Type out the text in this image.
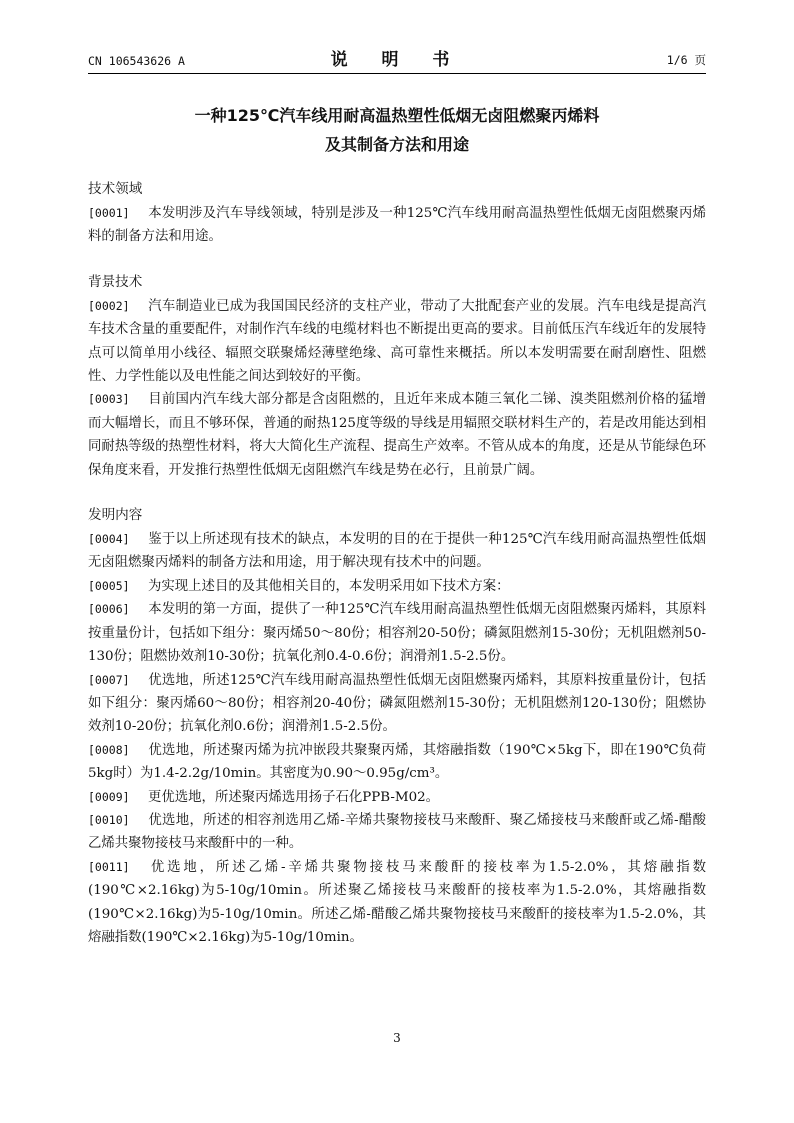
CN 106543626 A	说 明 书	1/6 页
一种125℃汽车线用耐高温热塑性低烟无卤阻燃聚丙烯料
及其制备方法和用途
技术领域
[0001] 本发明涉及汽车导线领域，特别是涉及一种125℃汽车线用耐高温热塑性低烟无卤阻燃聚丙烯料的制备方法和用途。
背景技术
[0002] 汽车制造业已成为我国国民经济的支柱产业，带动了大批配套产业的发展。汽车电线是提高汽车技术含量的重要配件，对制作汽车线的电缆材料也不断提出更高的要求。目前低压汽车线近年的发展特点可以简单用小线径、辐照交联聚烯烃薄壁绝缘、高可靠性来概括。所以本发明需要在耐刮磨性、阻燃性、力学性能以及电性能之间达到较好的平衡。
[0003] 目前国内汽车线大部分都是含卤阻燃的，且近年来成本随三氧化二锑、溴类阻燃剂价格的猛增而大幅增长，而且不够环保，普通的耐热125度等级的导线是用辐照交联材料生产的，若是改用能达到相同耐热等级的热塑性材料，将大大简化生产流程、提高生产效率。不管从成本的角度，还是从节能绿色环保角度来看，开发推行热塑性低烟无卤阻燃汽车线是势在必行，且前景广阔。
发明内容
[0004] 鉴于以上所述现有技术的缺点，本发明的目的在于提供一种125℃汽车线用耐高温热塑性低烟无卤阻燃聚丙烯料的制备方法和用途，用于解决现有技术中的问题。
[0005] 为实现上述目的及其他相关目的，本发明采用如下技术方案：
[0006] 本发明的第一方面，提供了一种125℃汽车线用耐高温热塑性低烟无卤阻燃聚丙烯料，其原料按重量份计，包括如下组分：聚丙烯50～80份；相容剂20-50份；磷氮阻燃剂15-30份；无机阻燃剂50-130份；阻燃协效剂10-30份；抗氧化剂0.4-0.6份；润滑剂1.5-2.5份。
[0007] 优选地，所述125℃汽车线用耐高温热塑性低烟无卤阻燃聚丙烯料，其原料按重量份计，包括如下组分：聚丙烯60～80份；相容剂20-40份；磷氮阻燃剂15-30份；无机阻燃剂120-130份；阻燃协效剂10-20份；抗氧化剂0.6份；润滑剂1.5-2.5份。
[0008] 优选地，所述聚丙烯为抗冲嵌段共聚聚丙烯，其熔融指数（190℃×5kg下，即在190℃负荷5kg时）为1.4-2.2g/10min。其密度为0.90～0.95g/cm³。
[0009] 更优选地，所述聚丙烯选用扬子石化PPB-M02。
[0010] 优选地，所述的相容剂选用乙烯-辛烯共聚物接枝马来酸酐、聚乙烯接枝马来酸酐或乙烯-醋酸乙烯共聚物接枝马来酸酐中的一种。
[0011] 优选地，所述乙烯-辛烯共聚物接枝马来酸酐的接枝率为1.5-2.0%，其熔融指数(190℃×2.16kg)为5-10g/10min。所述聚乙烯接枝马来酸酐的接枝率为1.5-2.0%，其熔融指数(190℃×2.16kg)为5-10g/10min。所述乙烯-醋酸乙烯共聚物接枝马来酸酐的接枝率为1.5-2.0%，其熔融指数(190℃×2.16kg)为5-10g/10min。
3
